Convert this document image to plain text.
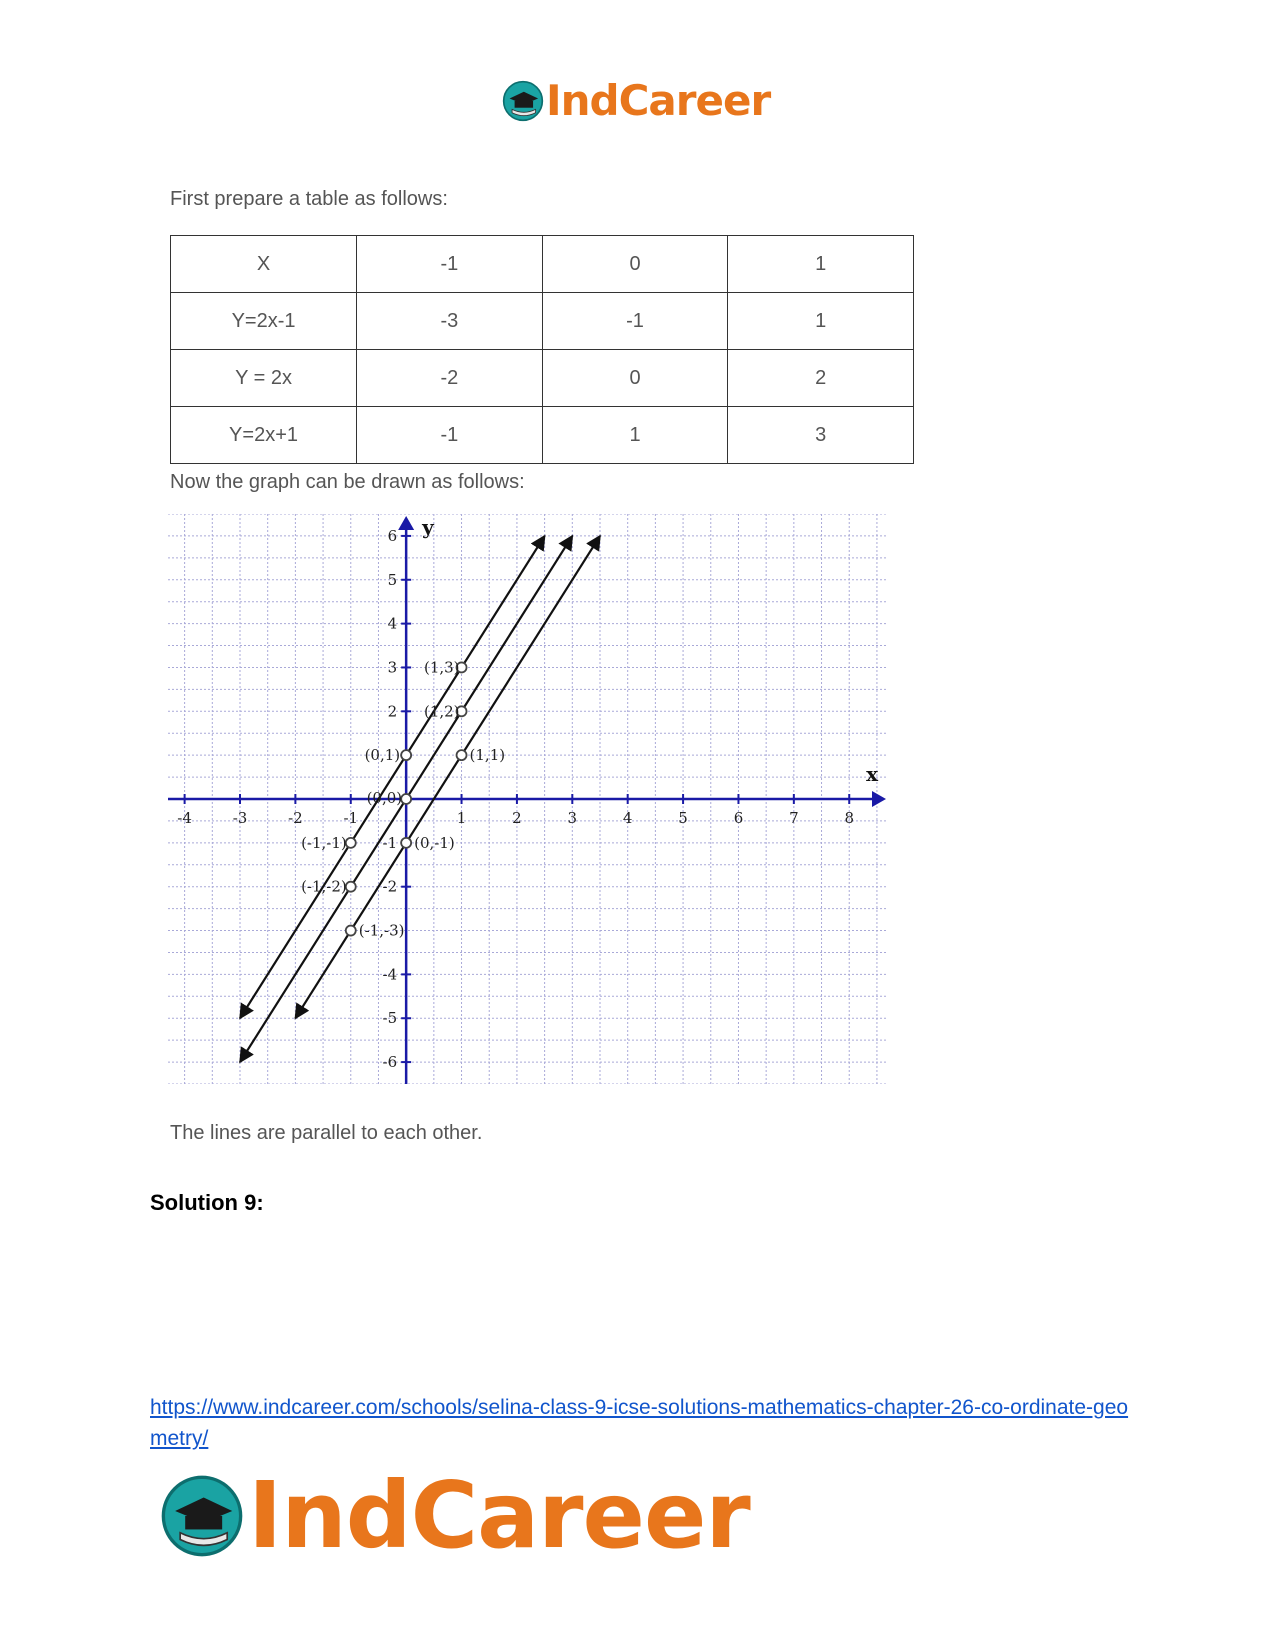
IndCareer
First prepare a table as follows:
X	-1	0	1
Y=2x-1	-3	-1	1
Y = 2x	-2	0	2
Y=2x+1	-1	1	3
Now the graph can be drawn as follows:
x
y
-4	-3	-2	-1	1	2	3	4	5	6	7	8
-6
-5
-4
-2
-1
2
3
4
5
6
(1,3)
(1,2)
(1,1)
(0,1)
(0,0)
(0,-1)
(-1,-1)
(-1,-2)
(-1,-3)
The lines are parallel to each other.
Solution 9:
https://www.indcareer.com/schools/selina-class-9-icse-solutions-mathematics-chapter-26-co-ordinate-geometry/
IndCareer
